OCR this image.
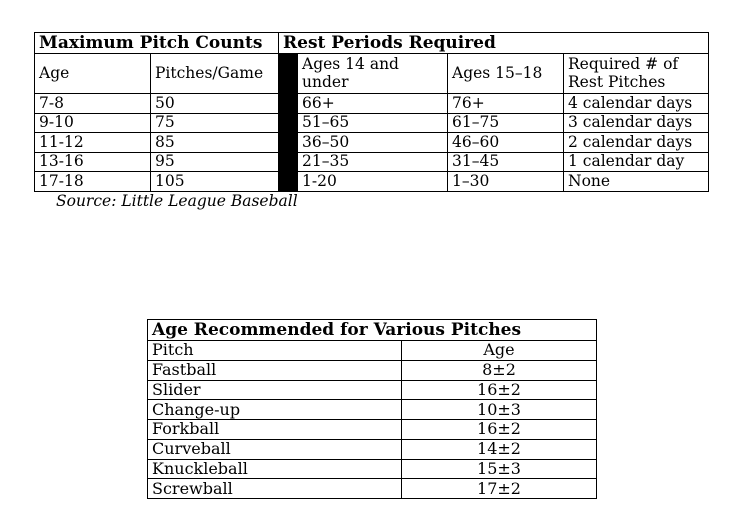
Maximum Pitch Counts		Rest Periods Required			
Age	Pitches/Game		Ages 14 and under	Ages 15–18	Required # of Rest Pitches
7-8	50		66+	76+	4 calendar days
9-10	75		51–65	61–75	3 calendar days
11-12	85		36–50	46–60	2 calendar days
13-16	95		21–35	31–45	1 calendar day
17-18	105		1-20	1–30	None
Source: Little League Baseball
Age Recommended for Various Pitches	
Pitch	Age
Fastball	8±2
Slider	16±2
Change-up	10±3
Forkball	16±2
Curveball	14±2
Knuckleball	15±3
Screwball	17±2
